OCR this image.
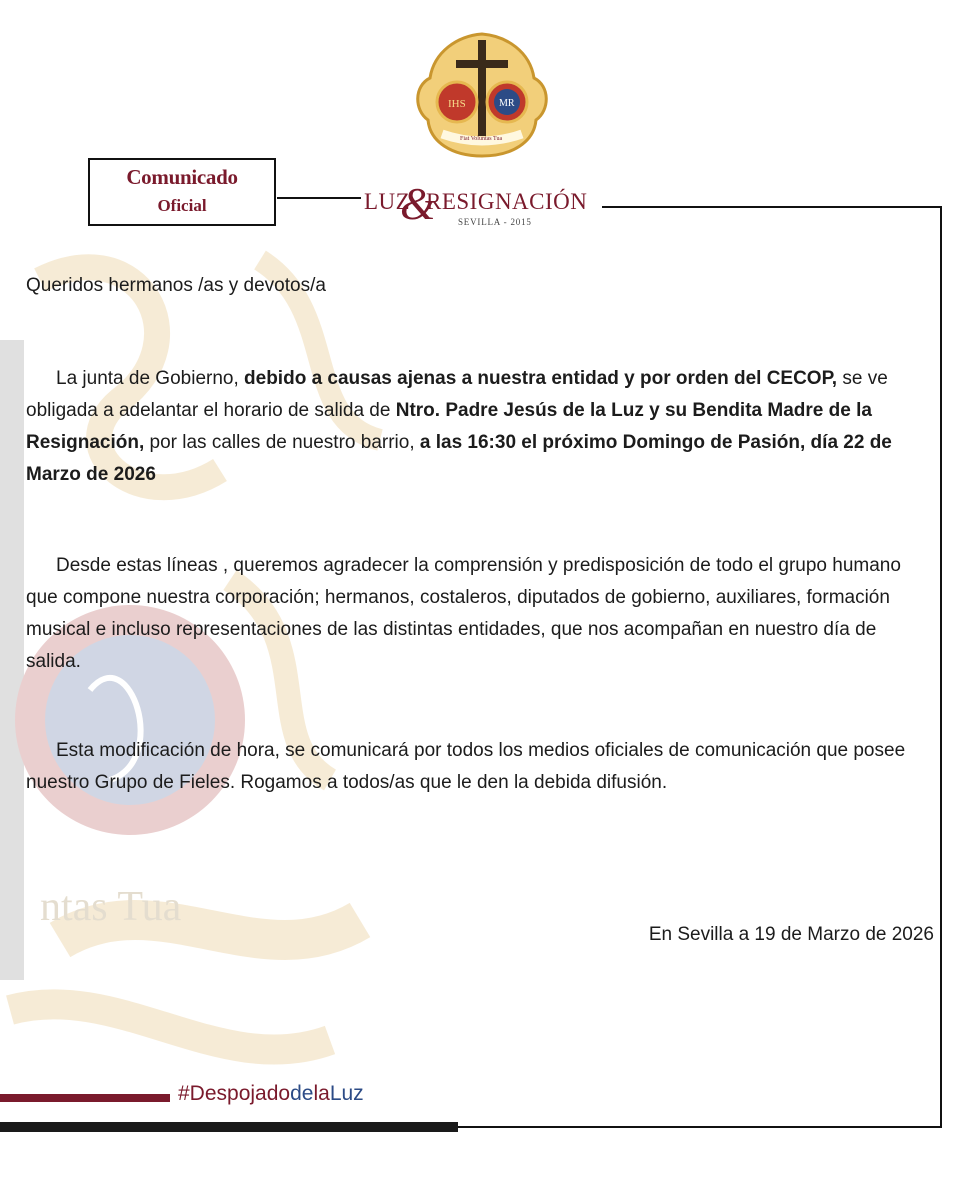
ntas Tua
IHS	MR
Fiat Voluntas Tua
Comunicado
Oficial	LUZ
&
RESIGNACIÓN
SEVILLA - 2015
Queridos hermanos /as y devotos/a
La junta de Gobierno, debido a causas ajenas a nuestra entidad y por orden del CECOP, se ve obligada a adelantar el horario de salida de Ntro. Padre Jesús de la Luz y su Bendita Madre de la Resignación, por las calles de nuestro barrio, a las 16:30 el próximo Domingo de Pasión, día 22 de Marzo de 2026
Desde estas líneas , queremos agradecer la comprensión y predisposición de todo el grupo humano que compone nuestra corporación; hermanos, costaleros, diputados de gobierno, auxiliares, formación musical e incluso representaciones de las distintas entidades, que nos acompañan en nuestro día de salida.
Esta modificación de hora, se comunicará por todos los medios oficiales de comunicación que posee nuestro Grupo de Fieles. Rogamos a todos/as que le den la debida difusión.
En Sevilla a 19 de Marzo de 2026
#DespojadodelaLuz
